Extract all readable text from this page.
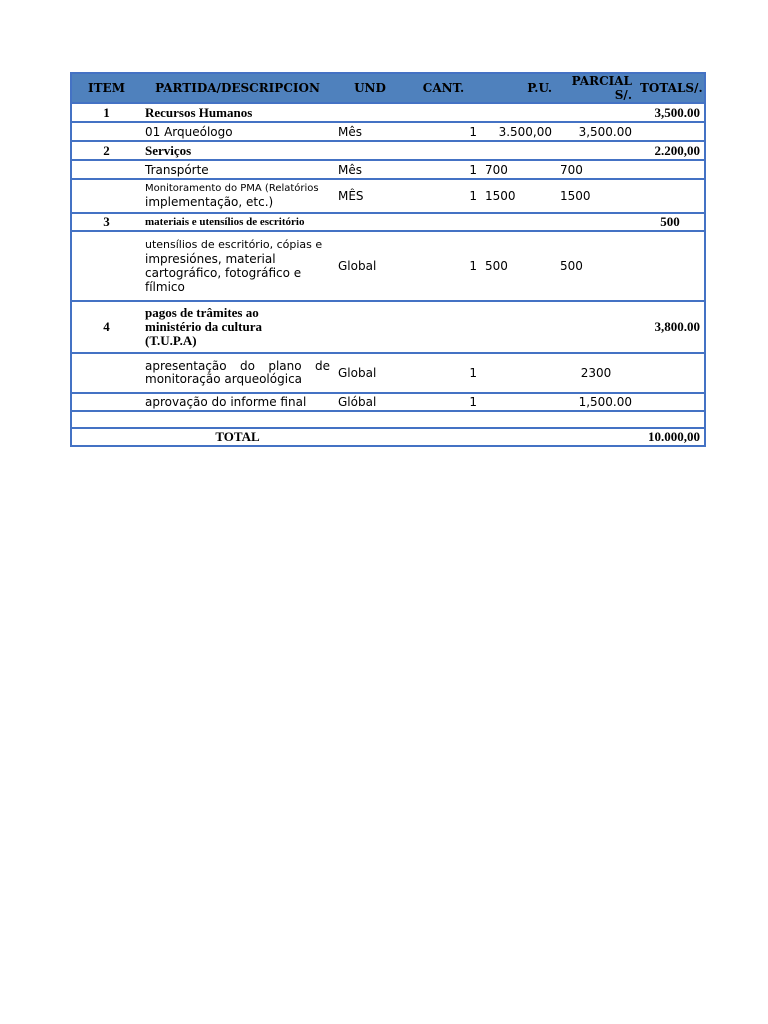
ITEM	PARTIDA/DESCRIPCION	UND	CANT.	P.U.	PARCIAL S/.	TOTALS/.
1	Recursos Humanos					3,500.00
	01 Arqueólogo	Mês	1	3.500,00	3,500.00	
2	Serviços					2.200,00
	Transpórte	Mês	1	700	700	

	Monitoramento do PMA (Relatórios
implementação, etc.)	MÊS	1	1500	1500	
3	materiais e utensílios de escritório					500

	utensílios de escritório, cópias e
impresiónes, material
cartográfico, fotográfico e
fílmico	Global	1	500	500	
4	pagos de trâmites ao
ministério da cultura
(T.U.P.A)					3,800.00

	apresentação do plano de
monitoração arqueológica	Global	1		2300	
	aprovação do informe final	Glóbal	1		1,500.00	

	TOTAL					10.000,00
